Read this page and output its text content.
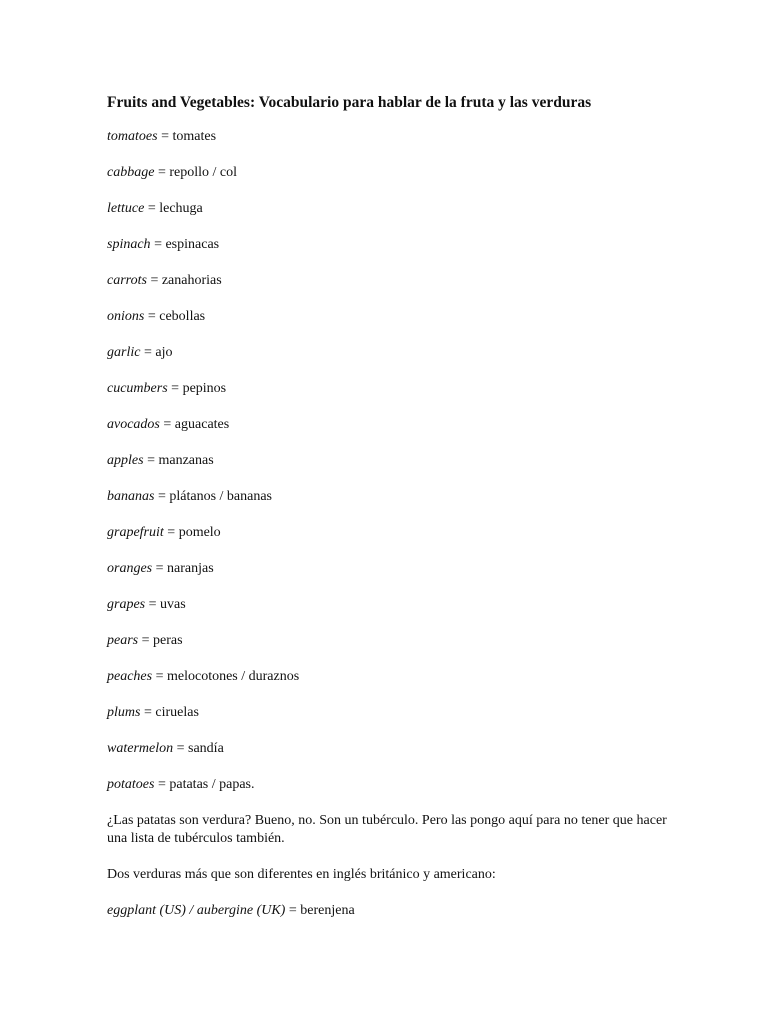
Fruits and Vegetables: Vocabulario para hablar de la fruta y las verduras
tomatoes = tomates
cabbage = repollo / col
lettuce = lechuga
spinach = espinacas
carrots = zanahorias
onions = cebollas
garlic = ajo
cucumbers = pepinos
avocados = aguacates
apples = manzanas
bananas = plátanos / bananas
grapefruit = pomelo
oranges = naranjas
grapes = uvas
pears = peras
peaches = melocotones / duraznos
plums = ciruelas
watermelon = sandía
potatoes = patatas / papas.
¿Las patatas son verdura? Bueno, no. Son un tubérculo. Pero las pongo aquí para no tener que hacer una lista de tubérculos también.
Dos verduras más que son diferentes en inglés británico y americano:
eggplant (US) / aubergine (UK) = berenjena
